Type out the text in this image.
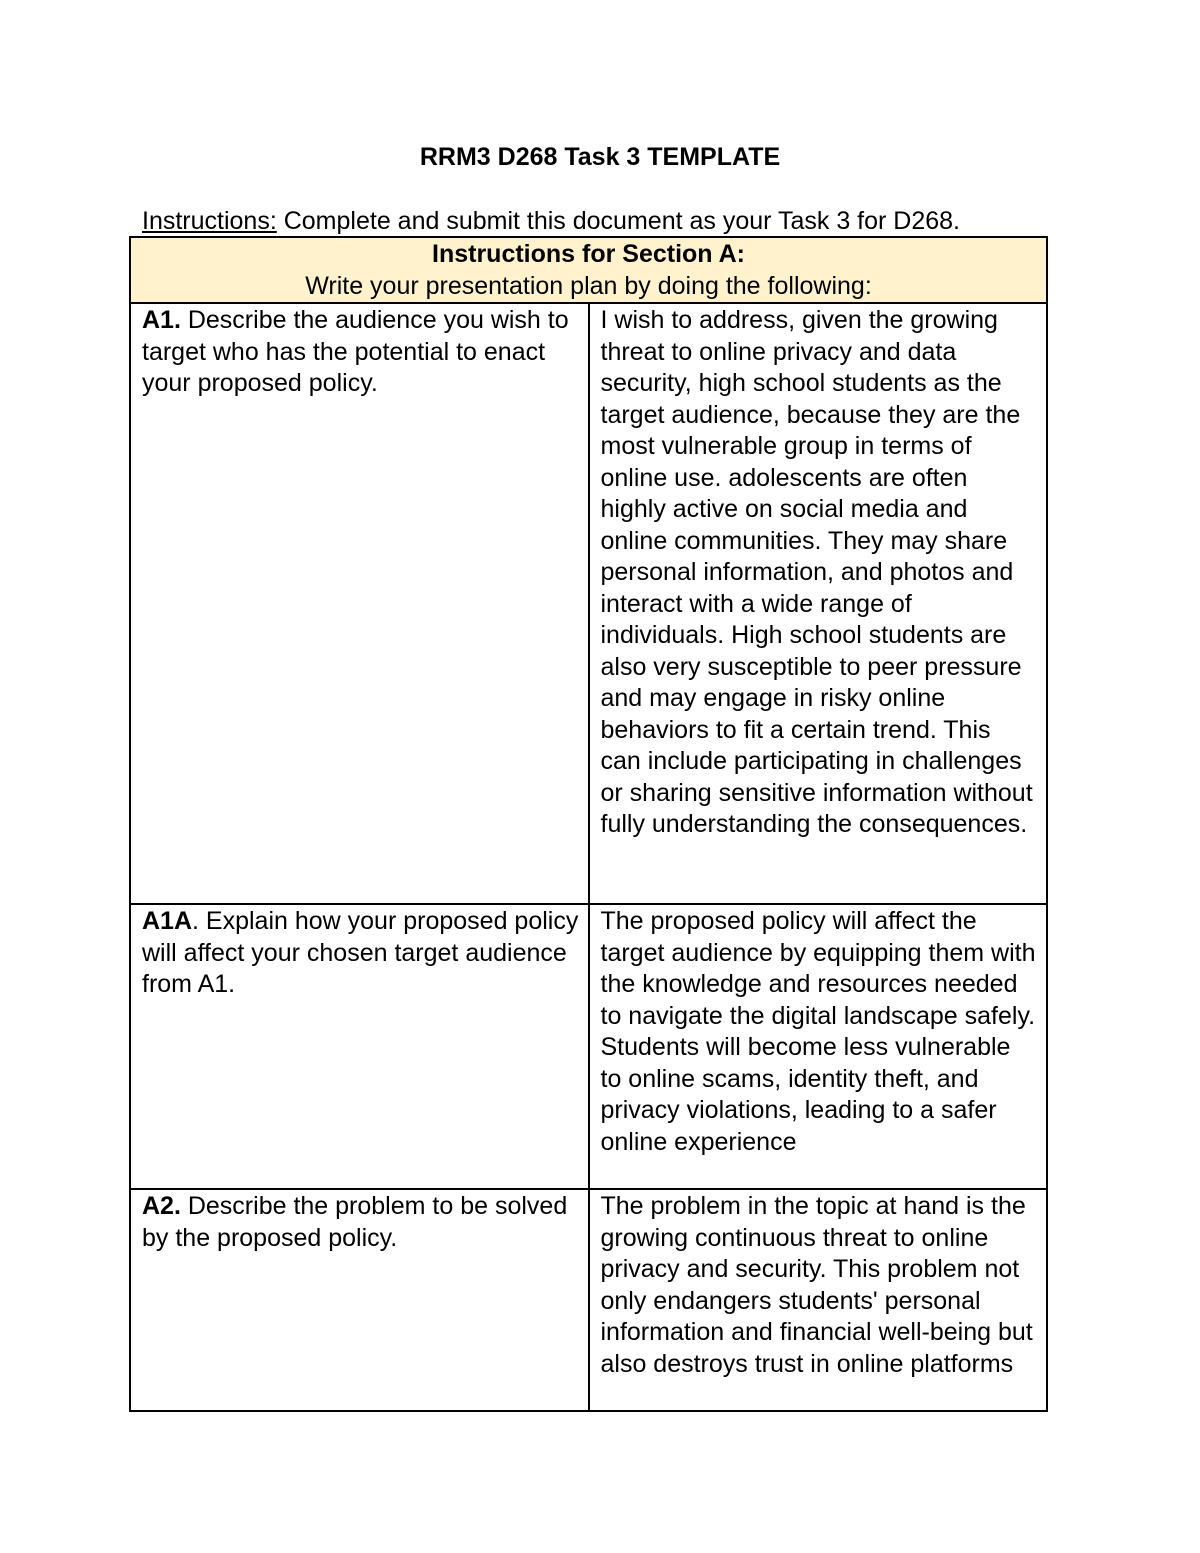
RRM3 D268 Task 3 TEMPLATE
Instructions: Complete and submit this document as your Task 3 for D268.
Instructions for Section A:
Write your presentation plan by doing the following:	

A1. Describe the audience you wish to target who has the potential to enact your proposed policy.	I wish to address, given the growing threat to online privacy and data security, high school students as the target audience, because they are the most vulnerable group in terms of online use. adolescents are often highly active on social media and online communities. They may share personal information, and photos and interact with a wide range of individuals. High school students are also very susceptible to peer pressure and may engage in risky online behaviors to fit a certain trend. This can include participating in challenges or sharing sensitive information without fully understanding the consequences.
A1A. Explain how your proposed policy will affect your chosen target audience from A1.	The proposed policy will affect the target audience by equipping them with the knowledge and resources needed to navigate the digital landscape safely. Students will become less vulnerable to online scams, identity theft, and privacy violations, leading to a safer online experience
A2. Describe the problem to be solved by the proposed policy.	The problem in the topic at hand is the growing continuous threat to online privacy and security. This problem not only endangers students' personal information and financial well-being but also destroys trust in online platforms
